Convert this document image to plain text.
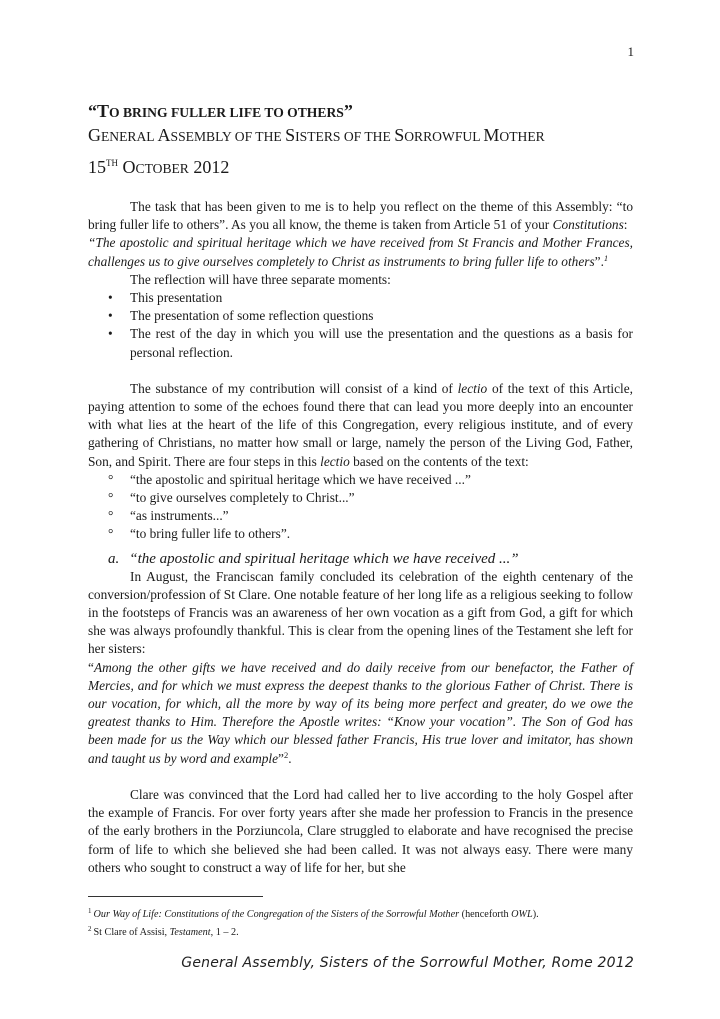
1
“TO BRING FULLER LIFE TO OTHERS”
GENERAL ASSEMBLY OF THE SISTERS OF THE SORROWFUL MOTHER
15TH OCTOBER 2012

The task that has been given to me is to help you reflect on the theme of this Assembly: “to bring fuller life to others”. As you all know, the theme is taken from Article 51 of your Constitutions:

“The apostolic and spiritual heritage which we have received from St Francis and Mother Frances, challenges us to give ourselves completely to Christ as instruments to bring fuller life to others”.$^1$

The reflection will have three separate moments:

• This presentation
• The presentation of some reflection questions
• The rest of the day in which you will use the presentation and the questions as a basis for personal reflection.

The substance of my contribution will consist of a kind of lectio of the text of this Article, paying attention to some of the echoes found there that can lead you more deeply into an encounter with what lies at the heart of the life of this Congregation, every religious institute, and of every gathering of Christians, no matter how small or large, namely the person of the Living God, Father, Son, and Spirit. There are four steps in this lectio based on the contents of the text:

° “the apostolic and spiritual heritage which we have received ...”
° “to give ourselves completely to Christ...”
° “as instruments...”
° “to bring fuller life to others”.
a. “the apostolic and spiritual heritage which we have received ...”

In August, the Franciscan family concluded its celebration of the eighth centenary of the conversion/profession of St Clare. One notable feature of her long life as a religious seeking to follow in the footsteps of Francis was an awareness of her own vocation as a gift from God, a gift for which she was always profoundly thankful. This is clear from the opening lines of the Testament she left for her sisters:

“Among the other gifts we have received and do daily receive from our benefactor, the Father of Mercies, and for which we must express the deepest thanks to the glorious Father of Christ. There is our vocation, for which, all the more by way of its being more perfect and greater, do we owe the greatest thanks to Him. Therefore the Apostle writes: “Know your vocation”. The Son of God has been made for us the Way which our blessed father Francis, His true lover and imitator, has shown and taught us by word and example”$^2$.

Clare was convinced that the Lord had called her to live according to the holy Gospel after the example of Francis. For over forty years after she made her profession to Francis in the presence of the early brothers in the Porziuncola, Clare struggled to elaborate and have recognised the precise form of life to which she believed she had been called. It was not always easy. There were many others who sought to construct a way of life for her, but she

$^1$ Our Way of Life: Constitutions of the Congregation of the Sisters of the Sorrowful Mother (henceforth OWL).
$^2$ St Clare of Assisi, Testament, 1 – 2.
General Assembly, Sisters of the Sorrowful Mother, Rome 2012
